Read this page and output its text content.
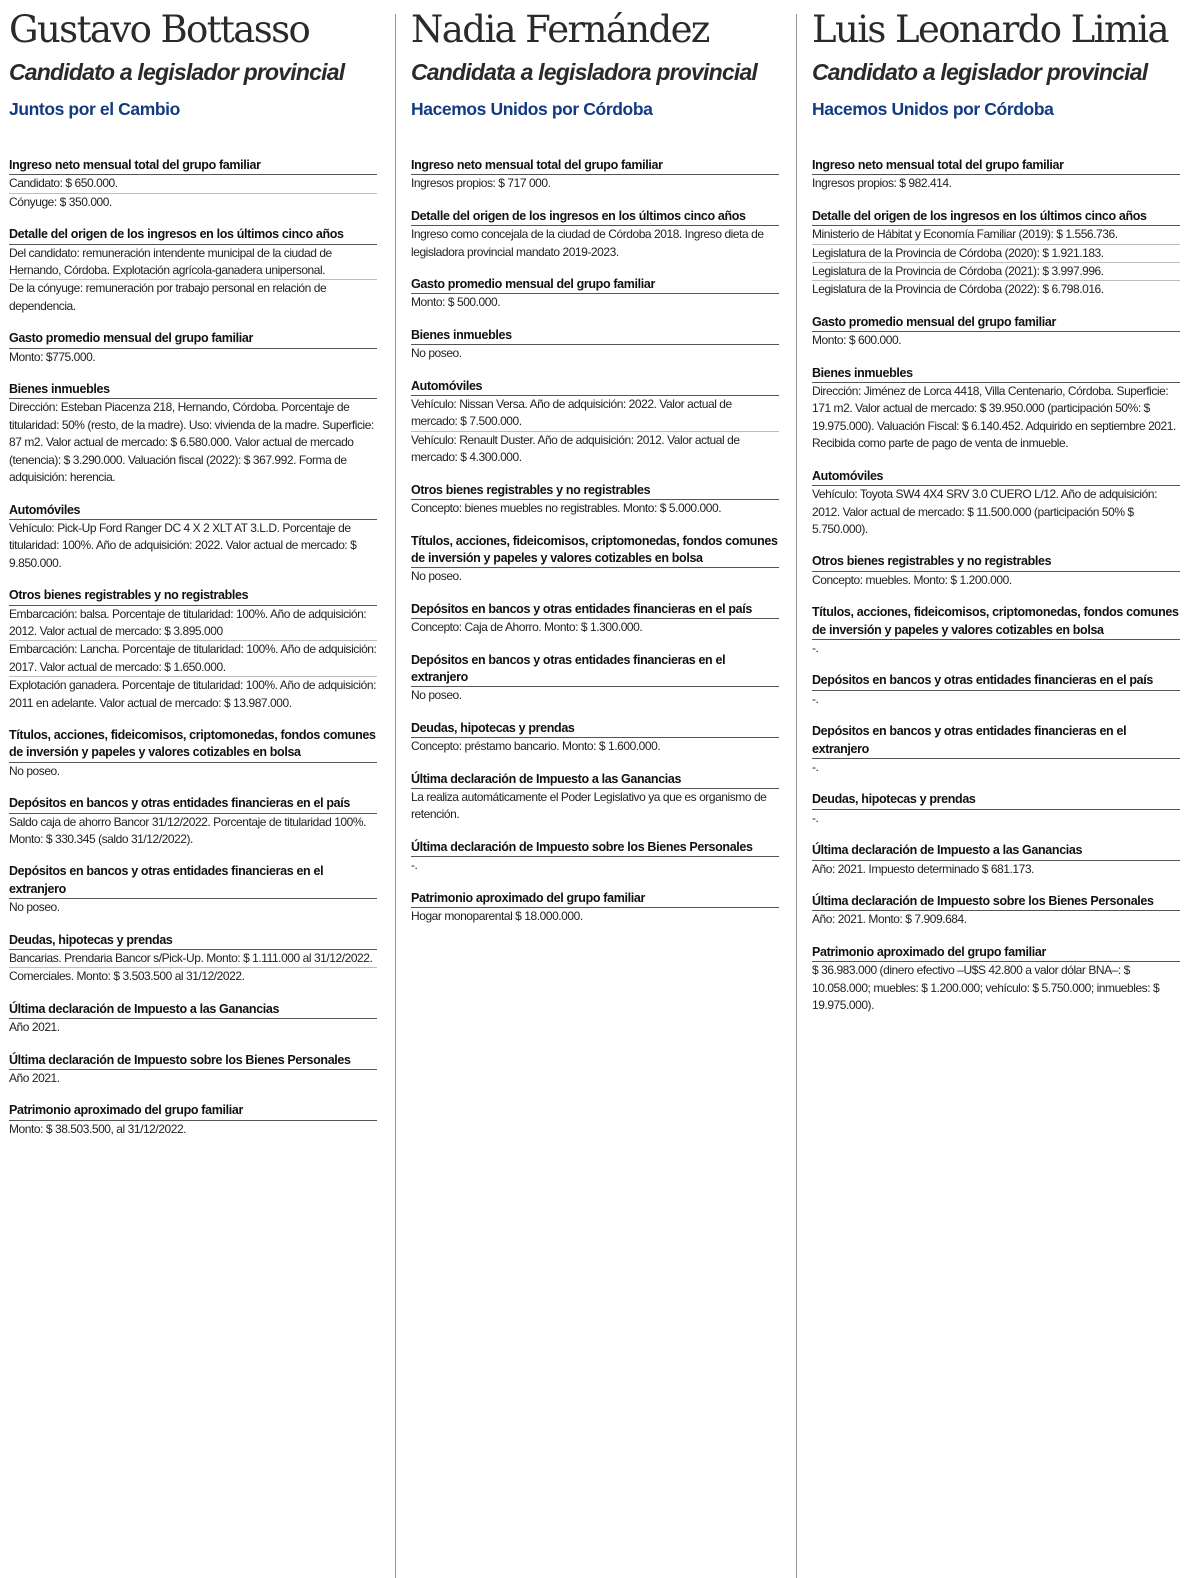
Gustavo Bottasso
Candidato a legislador provincial
Juntos por el Cambio
Ingreso neto mensual total del grupo familiar
Candidato: $ 650.000.
Cónyuge: $ 350.000.
Detalle del origen de los ingresos en los últimos cinco años
Del candidato: remuneración intendente municipal de la ciudad de Hernando, Córdoba. Explotación agrícola-ganadera unipersonal.
De la cónyuge: remuneración por trabajo personal en relación de dependencia.
Gasto promedio mensual del grupo familiar
Monto: $775.000.
Bienes inmuebles
Dirección: Esteban Piacenza 218, Hernando, Córdoba. Porcentaje de titularidad: 50% (resto, de la madre). Uso: vivienda de la madre. Superficie: 87 m2. Valor actual de mercado: $ 6.580.000. Valor actual de mercado (tenencia): $ 3.290.000. Valuación fiscal (2022): $ 367.992. Forma de adquisición: herencia.
Automóviles
Vehículo: Pick-Up Ford Ranger DC 4 X 2 XLT AT 3.L.D. Porcentaje de titularidad: 100%. Año de adquisición: 2022. Valor actual de mercado: $ 9.850.000.
Otros bienes registrables y no registrables
Embarcación: balsa. Porcentaje de titularidad: 100%. Año de adquisición: 2012. Valor actual de mercado: $ 3.895.000
Embarcación: Lancha. Porcentaje de titularidad: 100%. Año de adquisición: 2017. Valor actual de mercado: $ 1.650.000.
Explotación ganadera. Porcentaje de titularidad: 100%. Año de adquisición: 2011 en adelante. Valor actual de mercado: $ 13.987.000.
Títulos, acciones, fideicomisos, criptomonedas, fondos comunes de inversión y papeles y valores cotizables en bolsa
No poseo.
Depósitos en bancos y otras entidades financieras en el país
Saldo caja de ahorro Bancor 31/12/2022. Porcentaje de titularidad 100%. Monto: $ 330.345 (saldo 31/12/2022).
Depósitos en bancos y otras entidades financieras en el extranjero
No poseo.
Deudas, hipotecas y prendas
Bancarias. Prendaria Bancor s/Pick-Up. Monto: $ 1.111.000 al 31/12/2022.
Comerciales. Monto: $ 3.503.500 al 31/12/2022.
Última declaración de Impuesto a las Ganancias
Año 2021.
Última declaración de Impuesto sobre los Bienes Personales
Año 2021.
Patrimonio aproximado del grupo familiar
Monto: $ 38.503.500, al 31/12/2022.
Nadia Fernández
Candidata a legisladora provincial
Hacemos Unidos por Córdoba
Ingreso neto mensual total del grupo familiar
Ingresos propios: $ 717 000.
Detalle del origen de los ingresos en los últimos cinco años
Ingreso como concejala de la ciudad de Córdoba 2018. Ingreso dieta de legisladora provincial mandato 2019-2023.
Gasto promedio mensual del grupo familiar
Monto: $ 500.000.
Bienes inmuebles
No poseo.
Automóviles
Vehículo: Nissan Versa. Año de adquisición: 2022. Valor actual de mercado: $ 7.500.000.
Vehículo: Renault Duster. Año de adquisición: 2012. Valor actual de mercado: $ 4.300.000.
Otros bienes registrables y no registrables
Concepto: bienes muebles no registrables. Monto: $ 5.000.000.
Títulos, acciones, fideicomisos, criptomonedas, fondos comunes de inversión y papeles y valores cotizables en bolsa
No poseo.
Depósitos en bancos y otras entidades financieras en el país
Concepto: Caja de Ahorro. Monto: $ 1.300.000.
Depósitos en bancos y otras entidades financieras en el extranjero
No poseo.
Deudas, hipotecas y prendas
Concepto: préstamo bancario. Monto: $ 1.600.000.
Última declaración de Impuesto a las Ganancias
La realiza automáticamente el Poder Legislativo ya que es organismo de retención.
Última declaración de Impuesto sobre los Bienes Personales
-.
Patrimonio aproximado del grupo familiar
Hogar monoparental $ 18.000.000.
Luis Leonardo Limia
Candidato a legislador provincial
Hacemos Unidos por Córdoba
Ingreso neto mensual total del grupo familiar
Ingresos propios: $ 982.414.
Detalle del origen de los ingresos en los últimos cinco años
Ministerio de Hábitat y Economía Familiar (2019): $ 1.556.736.
Legislatura de la Provincia de Córdoba (2020): $ 1.921.183.
Legislatura de la Provincia de Córdoba (2021): $ 3.997.996.
Legislatura de la Provincia de Córdoba (2022): $ 6.798.016.
Gasto promedio mensual del grupo familiar
Monto: $ 600.000.
Bienes inmuebles
Dirección: Jiménez de Lorca 4418, Villa Centenario, Córdoba. Superficie: 171 m2. Valor actual de mercado: $ 39.950.000 (participación 50%: $ 19.975.000). Valuación Fiscal: $ 6.140.452. Adquirido en septiembre 2021. Recibida como parte de pago de venta de inmueble.
Automóviles
Vehículo: Toyota SW4 4X4 SRV 3.0 CUERO L/12. Año de adquisición: 2012. Valor actual de mercado: $ 11.500.000 (participación 50% $ 5.750.000).
Otros bienes registrables y no registrables
Concepto: muebles. Monto: $ 1.200.000.
Títulos, acciones, fideicomisos, criptomonedas, fondos comunes de inversión y papeles y valores cotizables en bolsa
-.
Depósitos en bancos y otras entidades financieras en el país
-.
Depósitos en bancos y otras entidades financieras en el extranjero
-.
Deudas, hipotecas y prendas
-.
Última declaración de Impuesto a las Ganancias
Año: 2021. Impuesto determinado $ 681.173.
Última declaración de Impuesto sobre los Bienes Personales
Año: 2021. Monto: $ 7.909.684.
Patrimonio aproximado del grupo familiar
$ 36.983.000 (dinero efectivo –U$S 42.800 a valor dólar BNA–: $ 10.058.000; muebles: $ 1.200.000; vehículo: $ 5.750.000; inmuebles: $ 19.975.000).
